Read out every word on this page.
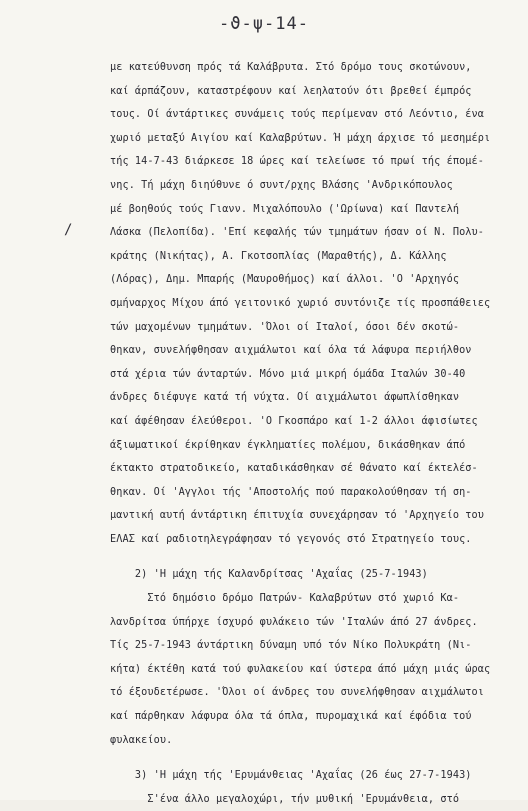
-ϑ-ψ-14-
/
με κατεύθυνση πρός τά Καλάβρυτα. Στό δρόμο τους σκοτώνουν,
καί άρπάζουν, καταστρέφουν καί λεηλατούν ότι βρεθεί έμπρός
τους. Οί άντάρτικες συνάμεις τούς περίμεναν στό Λεόντιο, ένα
χωριό μεταξύ Αιγίου καί Καλαβρύτων. Ή μάχη άρχισε τό μεσημέρι
τής 14-7-43 διάρκεσε 18 ώρες καί τελείωσε τό πρωί τής έπομέ-
νης. Τή μάχη διηύθυνε ό συντ/ρχης Βλάσης 'Ανδρικόπουλος
μέ βοηθούς τούς Γιανν. Μιχαλόπουλο ('Ωρίωνα) καί Παντελή
Λάσκα (Πελοπίδα). 'Επί κεφαλής τών τμημάτων ήσαν οί Ν. Πολυ-
κράτης (Νικήτας), Α. Γκοτσοπλίας (Μαραθτής), Δ. Κάλλης
(Λόρας), Δημ. Μπαρής (Μαυροθήμος) καί άλλοι. 'Ο 'Αρχηγός
σμήναρχος Μίχου άπό γειτονικό χωριό συντόνιζε τίς προσπάθειες
τών μαχομένων τμημάτων. 'Όλοι οί Ιταλοί, όσοι δέν σκοτώ-
θηκαν, συνελήφθησαν αιχμάλωτοι καί όλα τά λάφυρα περιήλθον
στά χέρια τών άνταρτών. Μόνο μιά μικρή όμάδα Ιταλών 30-40
άνδρες διέφυγε κατά τή νύχτα. Οί αιχμάλωτοι άφωπλίσθηκαν
καί άφέθησαν έλεύθεροι. 'Ο Γκοσπάρο καί 1-2 άλλοι άφισίωτες
άξιωματικοί έκρίθηκαν έγκληματίες πολέμου, δικάσθηκαν άπό
έκτακτο στρατοδικείο, καταδικάσθηκαν σέ θάνατο καί έκτελέσ-
θηκαν. Οί 'Αγγλοι τής 'Αποστολής πού παρακολούθησαν τή ση-
μαντική αυτή άντάρτικη έπιτυχία συνεχάρησαν τό 'Αρχηγείο του
ΕΛΑΣ καί ραδιοτηλεγράφησαν τό γεγονός στό Στρατηγείο τους.
2) 'Η μάχη τής Καλανδρίτσας 'Αχαΐας (25-7-1943)
Στό δημόσιο δρόμο Πατρών- Καλαβρύτων στό χωριό Κα-
λανδρίτσα ύπήρχε ίσχυρό φυλάκειο τών 'Ιταλών άπό 27 άνδρες.
Τίς 25-7-1943 άντάρτικη δύναμη υπό τόν Νίκο Πολυκράτη (Νι-
κήτα) έκτέθη κατά τού φυλακείου καί ύστερα άπό μάχη μιάς ώρας
τό έξουδετέρωσε. 'Όλοι οί άνδρες του συνελήφθησαν αιχμάλωτοι
καί πάρθηκαν λάφυρα όλα τά όπλα, πυρομαχικά καί έφόδια τού
φυλακείου.
3) 'Η μάχη τής 'Ερυμάνθειας 'Αχαΐας (26 έως 27-7-1943)
Σ'ένα άλλο μεγαλοχώρι, τήν μυθική 'Ερυμάνθεια, στό
